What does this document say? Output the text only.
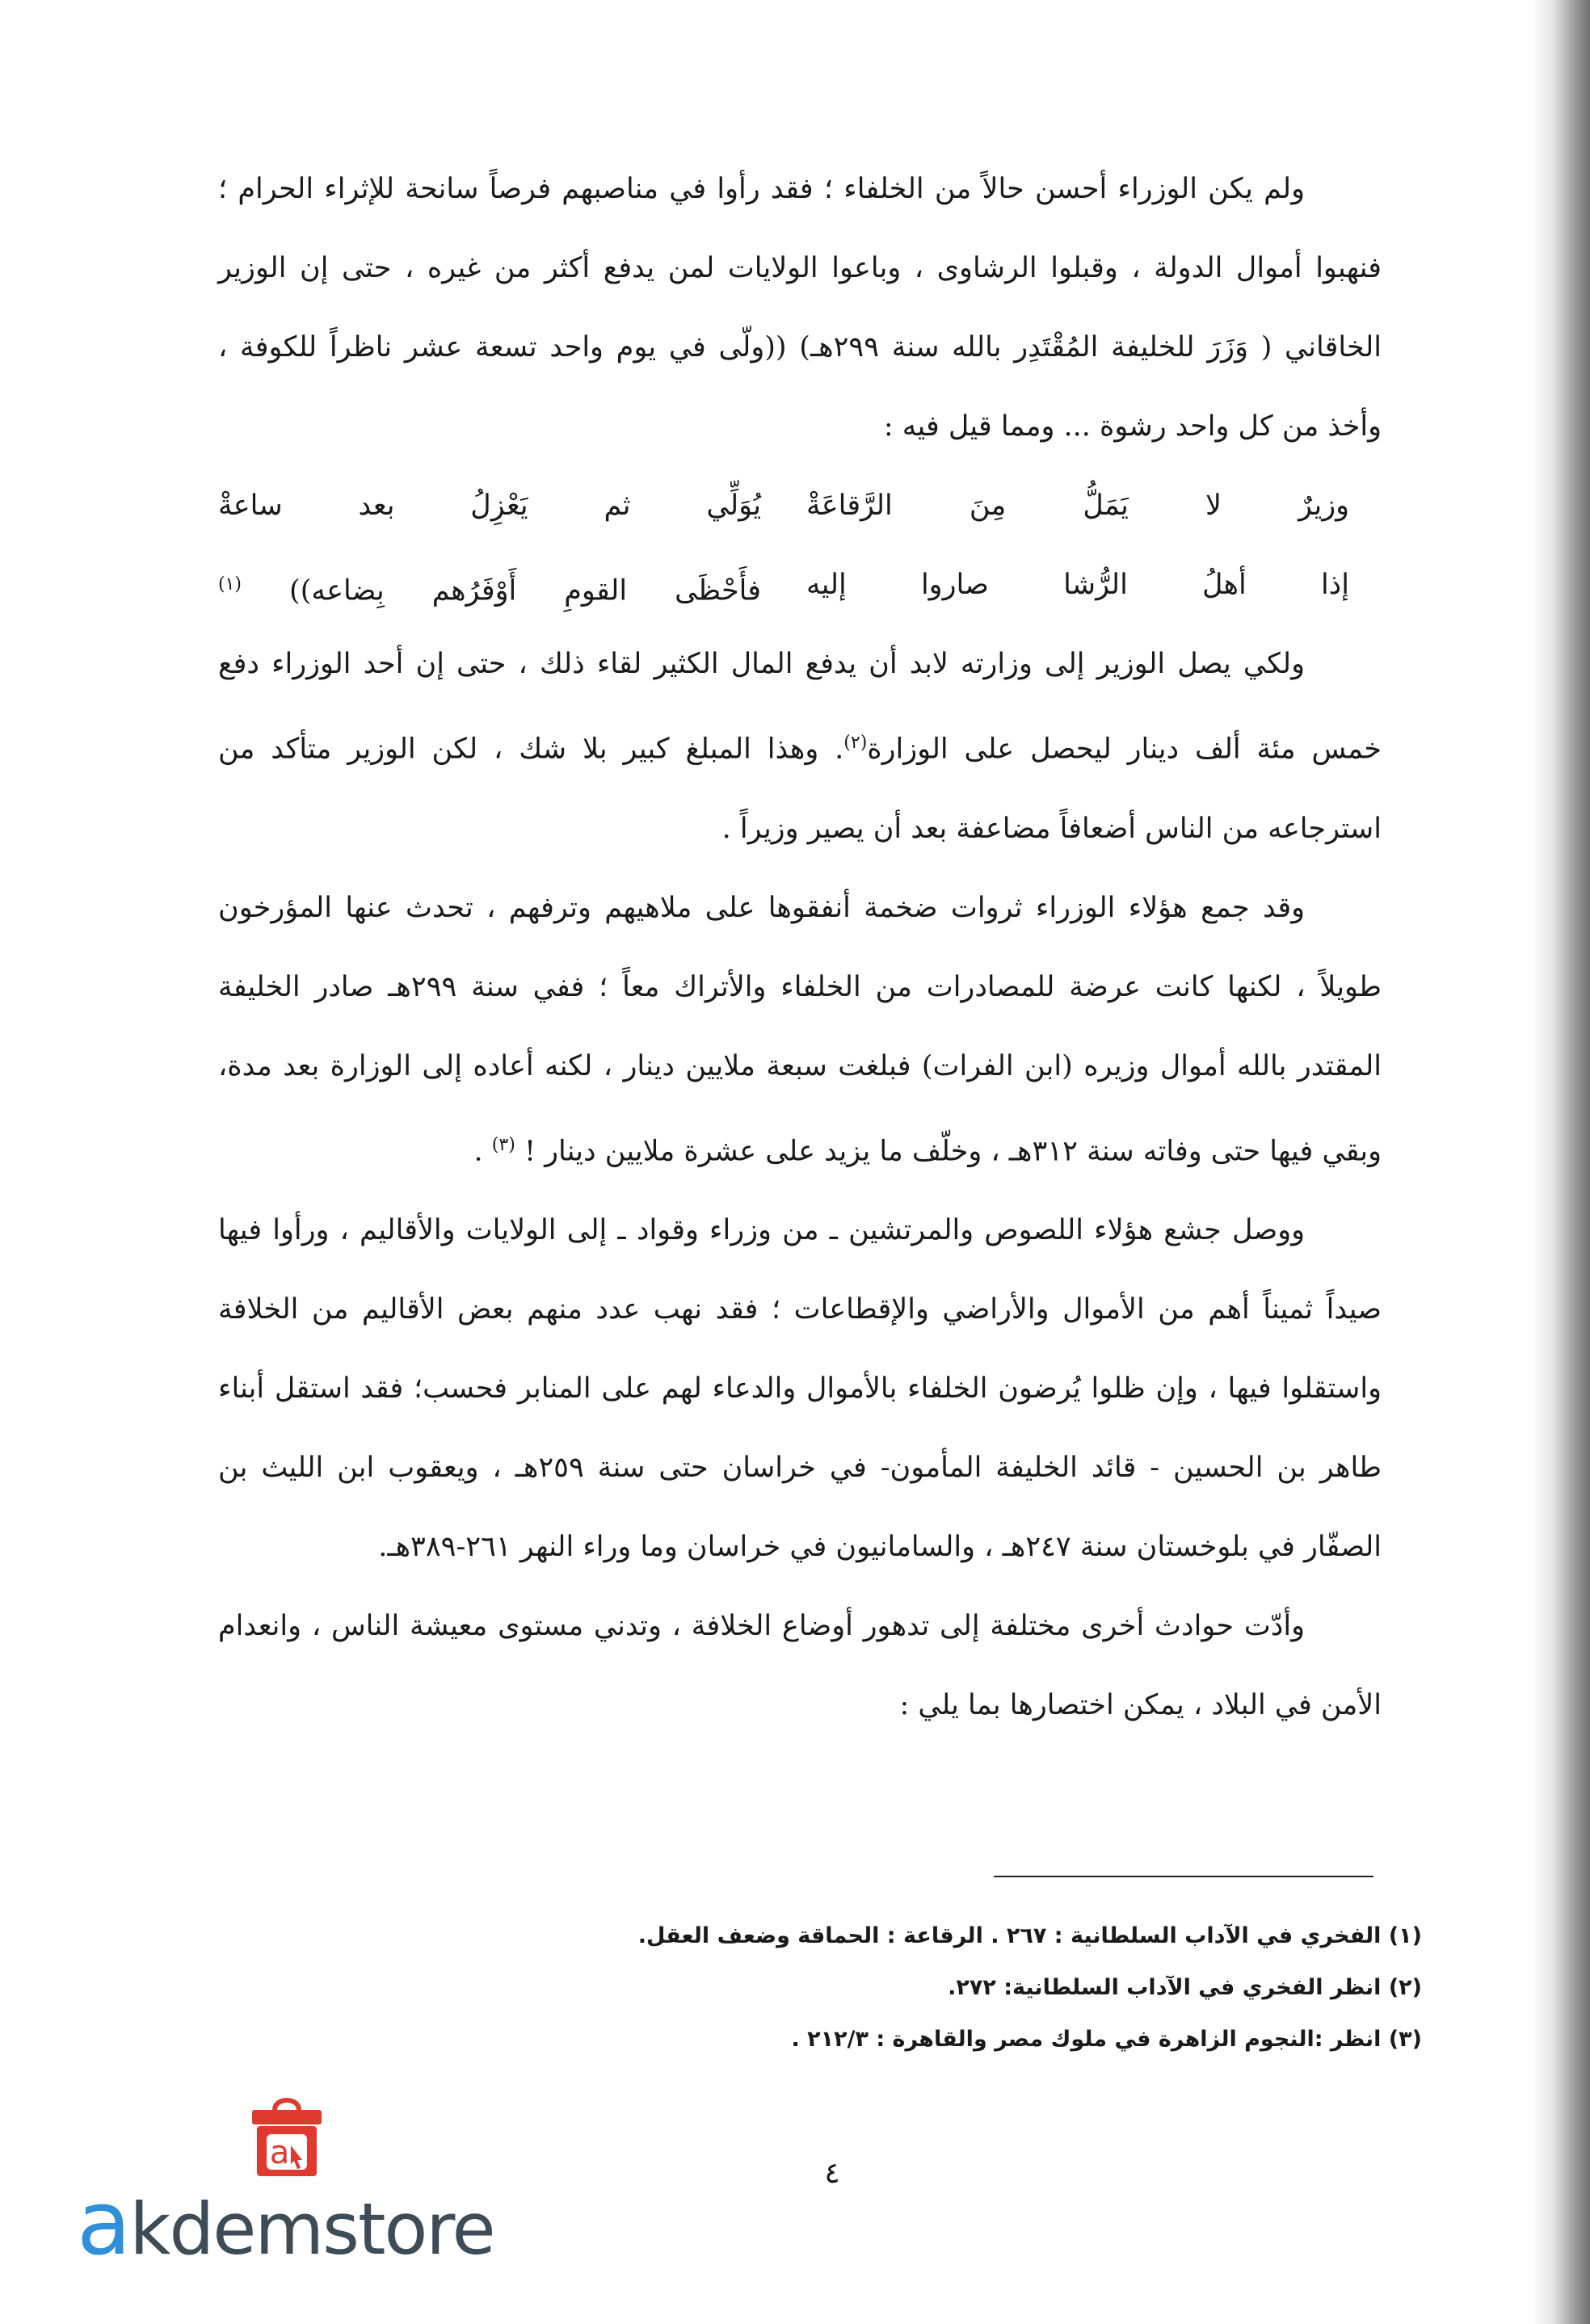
ولم يكن الوزراء أحسن حالاً من الخلفاء ؛ فقد رأوا في مناصبهم فرصاً سانحة للإثراء الحرام ؛ فنهبوا أموال الدولة ، وقبلوا الرشاوى ، وباعوا الولايات لمن يدفع أكثر من غيره ، حتى إن الوزير الخاقاني ( وَزَرَ للخليفة المُقْتَدِر بالله سنة ٢٩٩هـ) ((ولّى في يوم واحد تسعة عشر ناظراً للكوفة ، وأخذ من كل واحد رشوة ... ومما قيل فيه :

وزيرٌ لا يَمَلُّ مِنَ الرَّقاعَةْ
يُوَلِّي ثم يَعْزِلُ بعد ساعةْ
إذا أهلُ الرُّشا صاروا إليه
فأَحْظَى القومِ أَوْفَرُهم بِضاعه)) $^{(١)}$

ولكي يصل الوزير إلى وزارته لابد أن يدفع المال الكثير لقاء ذلك ، حتى إن أحد الوزراء دفع خمس مئة ألف دينار ليحصل على الوزارة$^{(٢)}$. وهذا المبلغ كبير بلا شك ، لكن الوزير متأكد من استرجاعه من الناس أضعافاً مضاعفة بعد أن يصير وزيراً .

وقد جمع هؤلاء الوزراء ثروات ضخمة أنفقوها على ملاهيهم وترفهم ، تحدث عنها المؤرخون طويلاً ، لكنها كانت عرضة للمصادرات من الخلفاء والأتراك معاً ؛ ففي سنة ٢٩٩هـ صادر الخليفة المقتدر بالله أموال وزيره (ابن الفرات) فبلغت سبعة ملايين دينار ، لكنه أعاده إلى الوزارة بعد مدة، وبقي فيها حتى وفاته سنة ٣١٢هـ ، وخلّف ما يزيد على عشرة ملايين دينار ! $^{(٣)}$ .

ووصل جشع هؤلاء اللصوص والمرتشين ـ من وزراء وقواد ـ إلى الولايات والأقاليم ، ورأوا فيها صيداً ثميناً أهم من الأموال والأراضي والإقطاعات ؛ فقد نهب عدد منهم بعض الأقاليم من الخلافة واستقلوا فيها ، وإن ظلوا يُرضون الخلفاء بالأموال والدعاء لهم على المنابر فحسب؛ فقد استقل أبناء طاهر بن الحسين - قائد الخليفة المأمون- في خراسان حتى سنة ٢٥٩هـ ، ويعقوب ابن الليث بن الصفّار في بلوخستان سنة ٢٤٧هـ ، والسامانيون في خراسان وما وراء النهر ٢٦١-٣٨٩هـ.

وأدّت حوادث أخرى مختلفة إلى تدهور أوضاع الخلافة ، وتدني مستوى معيشة الناس ، وانعدام الأمن في البلاد ، يمكن اختصارها بما يلي :

(١) الفخري في الآداب السلطانية : ٢٦٧ . الرقاعة : الحماقة وضعف العقل.

(٢) انظر الفخري في الآداب السلطانية: ٢٧٢.

(٣) انظر :النجوم الزاهرة في ملوك مصر والقاهرة : ٢١٢/٣ .

٤
a
akdemstore
